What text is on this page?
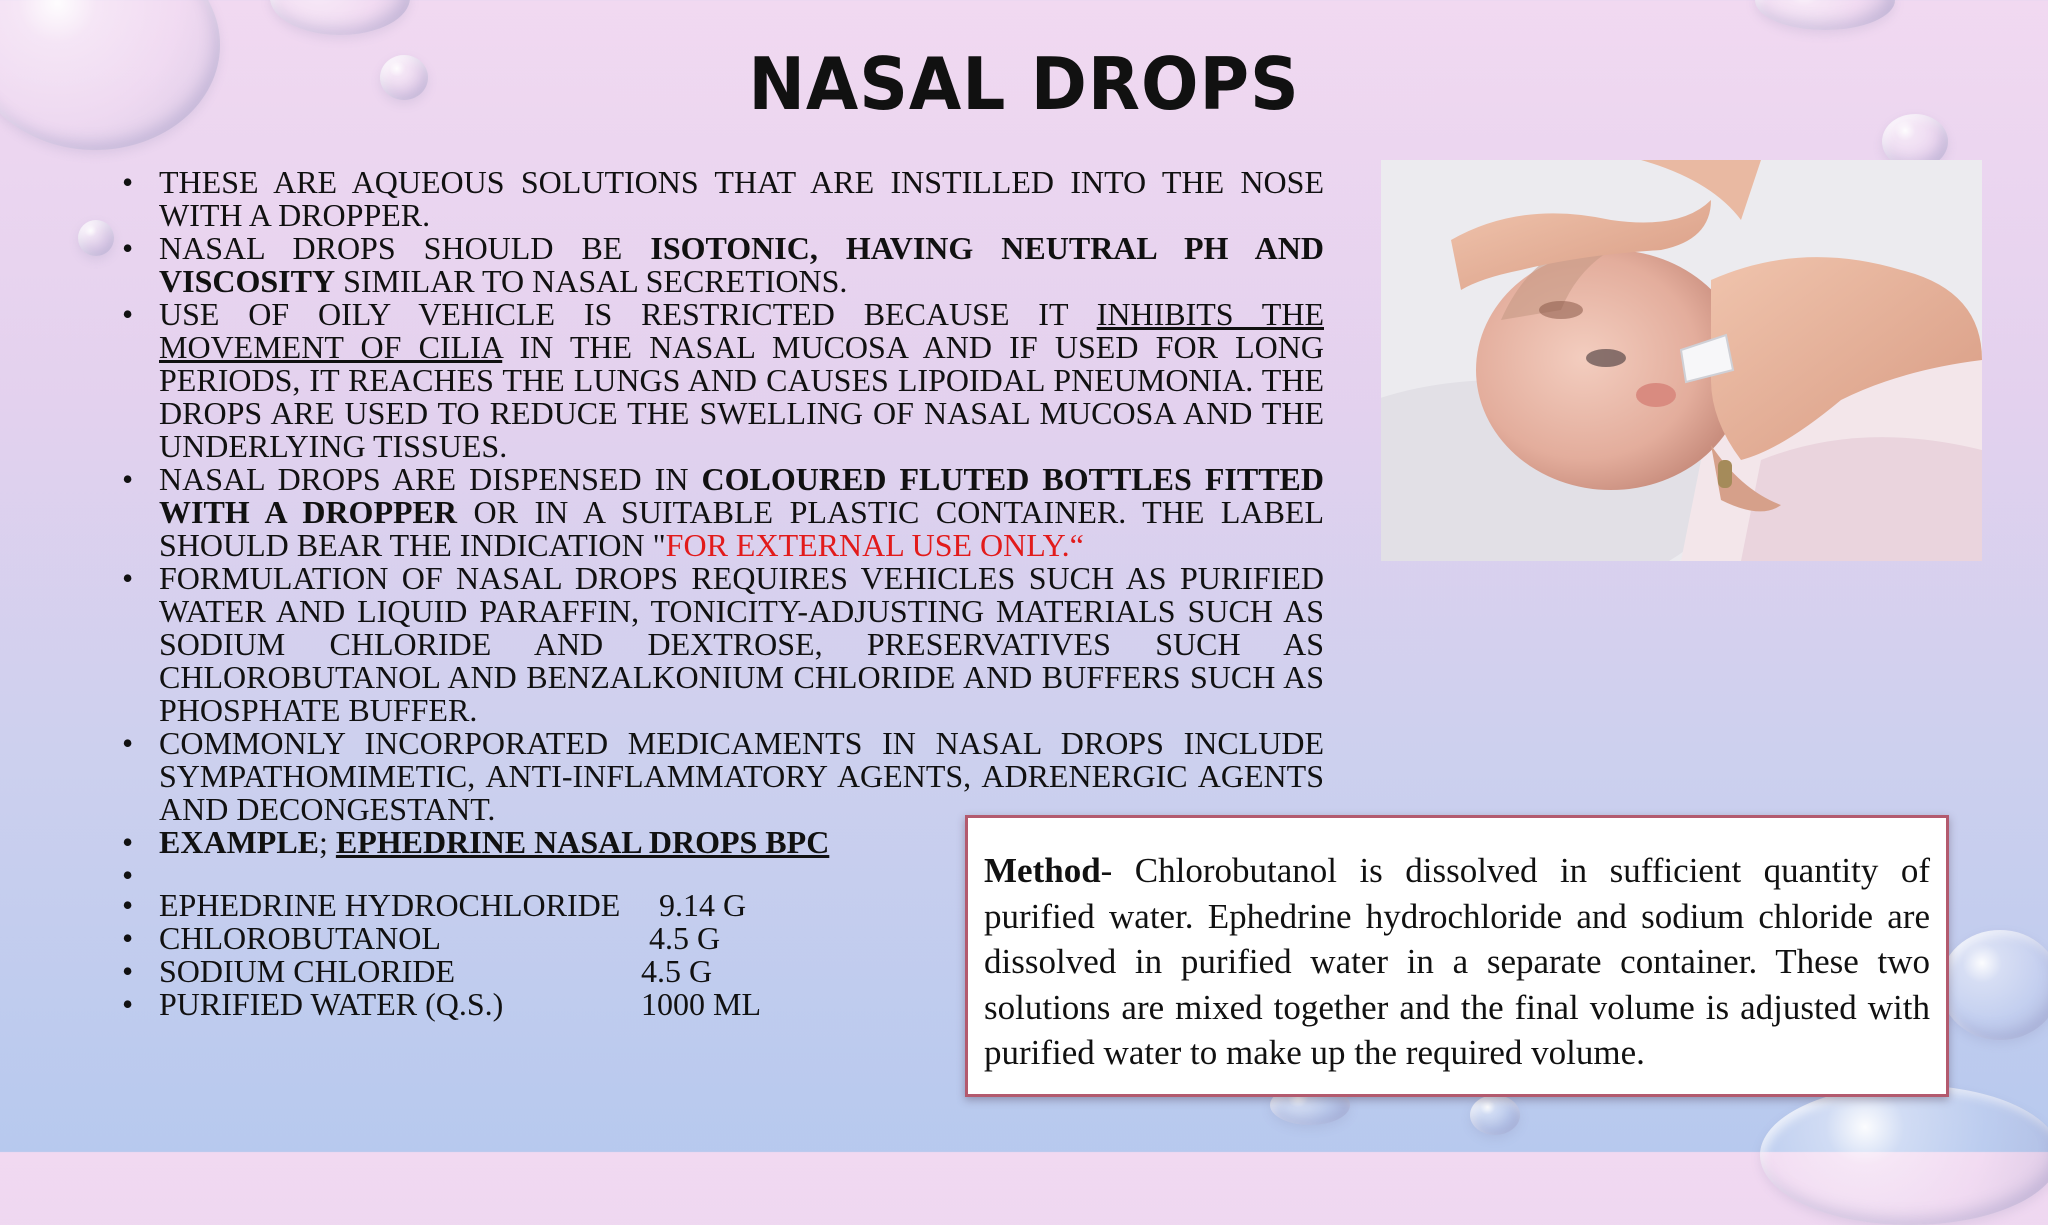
NASAL DROPS
• THESE ARE AQUEOUS SOLUTIONS THAT ARE INSTILLED INTO THE NOSE WITH A DROPPER.
• NASAL DROPS SHOULD BE ISOTONIC, HAVING NEUTRAL PH AND VISCOSITY SIMILAR TO NASAL SECRETIONS.
• USE OF OILY VEHICLE IS RESTRICTED BECAUSE IT INHIBITS THE MOVEMENT OF CILIA IN THE NASAL MUCOSA AND IF USED FOR LONG PERIODS, IT REACHES THE LUNGS AND CAUSES LIPOIDAL PNEUMONIA. THE DROPS ARE USED TO REDUCE THE SWELLING OF NASAL MUCOSA AND THE UNDERLYING TISSUES.
• NASAL DROPS ARE DISPENSED IN COLOURED FLUTED BOTTLES FITTED WITH A DROPPER OR IN A SUITABLE PLASTIC CONTAINER. THE LABEL SHOULD BEAR THE INDICATION "FOR EXTERNAL USE ONLY.“
• FORMULATION OF NASAL DROPS REQUIRES VEHICLES SUCH AS PURIFIED WATER AND LIQUID PARAFFIN, TONICITY-ADJUSTING MATERIALS SUCH AS SODIUM CHLORIDE AND DEXTROSE, PRESERVATIVES SUCH AS CHLOROBUTANOL AND BENZALKONIUM CHLORIDE AND BUFFERS SUCH AS PHOSPHATE BUFFER.
• COMMONLY INCORPORATED MEDICAMENTS IN NASAL DROPS INCLUDE SYMPATHOMIMETIC, ANTI-INFLAMMATORY AGENTS, ADRENERGIC AGENTS AND DECONGESTANT.
• EXAMPLE; EPHEDRINE NASAL DROPS BPC
•
• EPHEDRINE HYDROCHLORIDE 9.14 G
• CHLOROBUTANOL	4.5 G
• SODIUM CHLORIDE	4.5 G
• PURIFIED WATER (Q.S.)	1000 ML
Method- Chlorobutanol is dissolved in sufficient quantity of purified water. Ephedrine hydrochloride and sodium chloride are dissolved in purified water in a separate container. These two solutions are mixed together and the final volume is adjusted with purified water to make up the required volume.
